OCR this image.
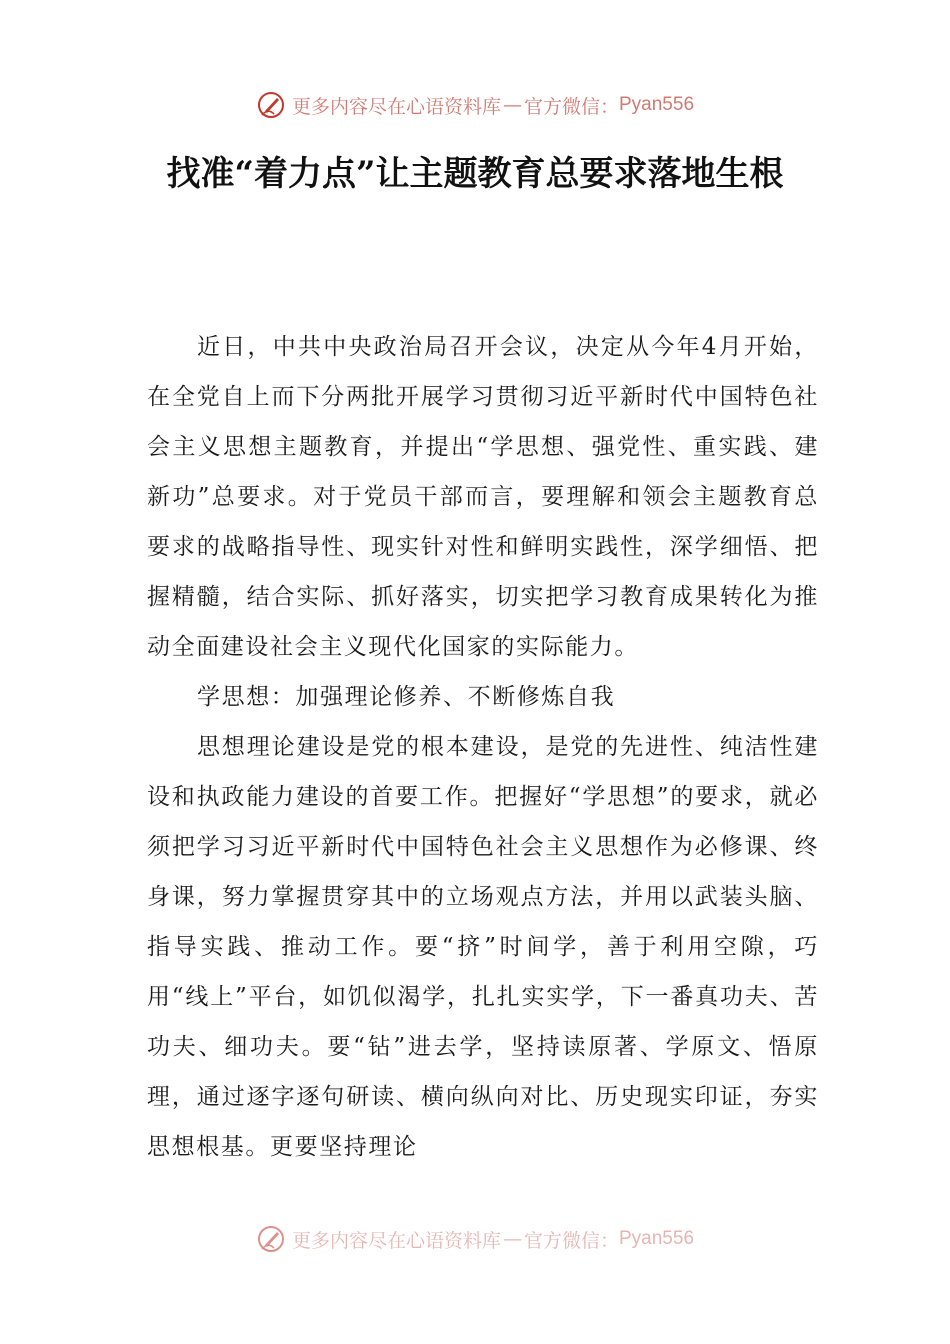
更多内容尽在心语资料库 — 官方微信： Pyan556
找准“着力点”让主题教育总要求落地生根

近日，中共中央政治局召开会议，决定从今年4月开始，在全党自上而下分两批开展学习贯彻习近平新时代中国特色社会主义思想主题教育，并提出“学思想、强党性、重实践、建新功”总要求。对于党员干部而言，要理解和领会主题教育总要求的战略指导性、现实针对性和鲜明实践性，深学细悟、把握精髓，结合实际、抓好落实，切实把学习教育成果转化为推动全面建设社会主义现代化国家的实际能力。

学思想：加强理论修养、不断修炼自我

思想理论建设是党的根本建设，是党的先进性、纯洁性建设和执政能力建设的首要工作。把握好“学思想”的要求，就必须把学习习近平新时代中国特色社会主义思想作为必修课、终身课，努力掌握贯穿其中的立场观点方法，并用以武装头脑、指导实践、推动工作。要“挤”时间学，善于利用空隙，巧用“线上”平台，如饥似渴学，扎扎实实学，下一番真功夫、苦功夫、细功夫。要“钻”进去学，坚持读原著、学原文、悟原理，通过逐字逐句研读、横向纵向对比、历史现实印证，夯实思想根基。更要坚持理论

更多内容尽在心语资料库 — 官方微信： Pyan556
